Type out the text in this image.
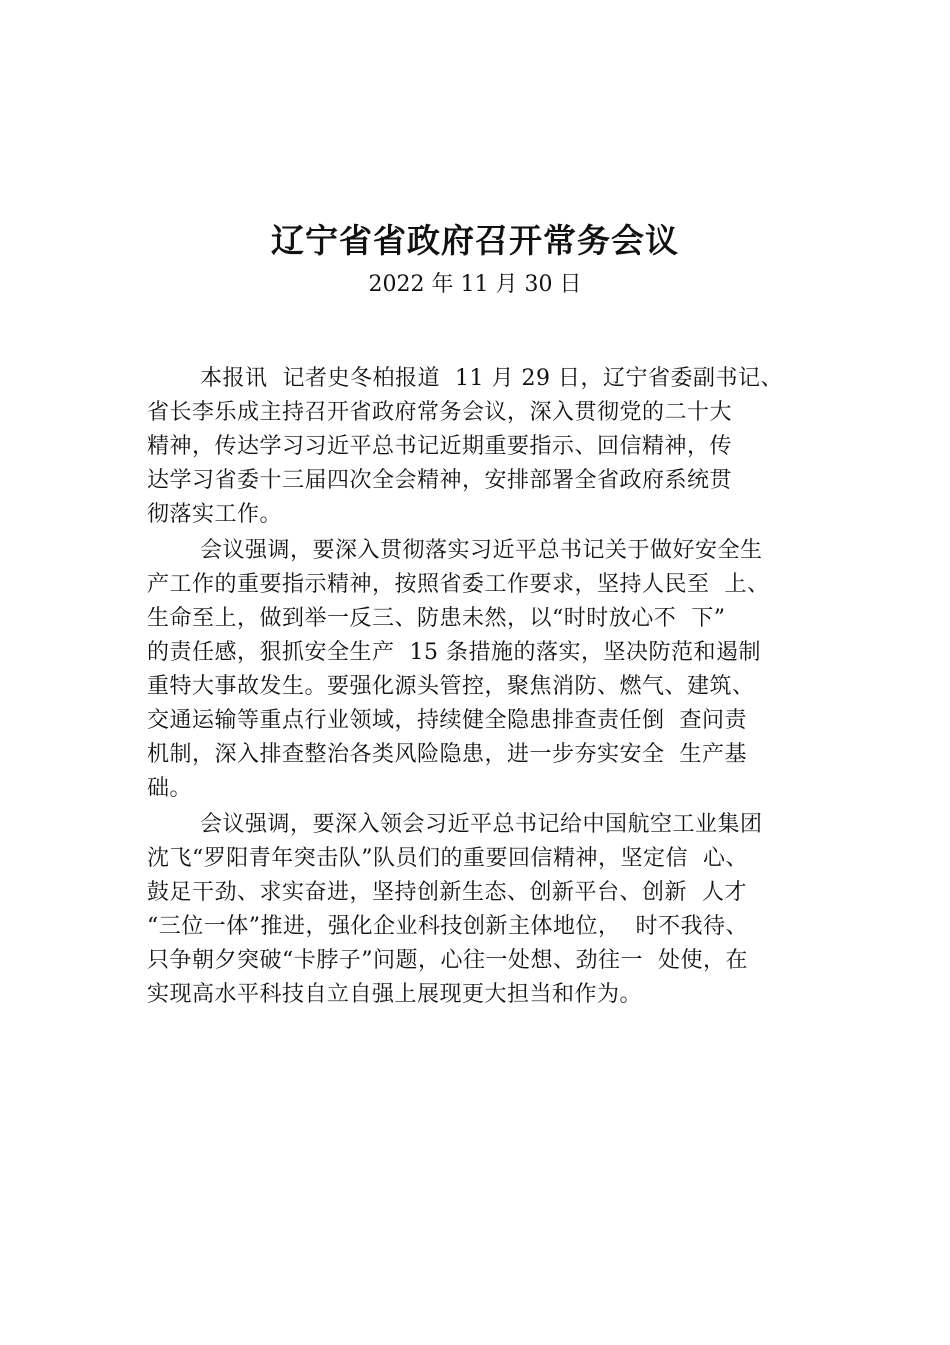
辽宁省省政府召开常务会议
2022 年 11 月 30 日
本报讯  记者史冬柏报道  11 月 29 日，辽宁省委副书记、
省长李乐成主持召开省政府常务会议，深入贯彻党的二十大
精神，传达学习习近平总书记近期重要指示、回信精神，传
达学习省委十三届四次全会精神，安排部署全省政府系统贯
彻落实工作。
会议强调，要深入贯彻落实习近平总书记关于做好安全生
产工作的重要指示精神，按照省委工作要求，坚持人民至  上、
生命至上，做到举一反三、防患未然，以“时时放心不  下”
的责任感，狠抓安全生产  15 条措施的落实，坚决防范和遏制
重特大事故发生。要强化源头管控，聚焦消防、燃气、建筑、
交通运输等重点行业领域，持续健全隐患排查责任倒  查问责
机制，深入排查整治各类风险隐患，进一步夯实安全  生产基
础。
会议强调，要深入领会习近平总书记给中国航空工业集团
沈飞“罗阳青年突击队”队员们的重要回信精神，坚定信  心、
鼓足干劲、求实奋进，坚持创新生态、创新平台、创新  人才
“三位一体”推进，强化企业科技创新主体地位，  时不我待、
只争朝夕突破“卡脖子”问题，心往一处想、劲往一  处使，在
实现高水平科技自立自强上展现更大担当和作为。
